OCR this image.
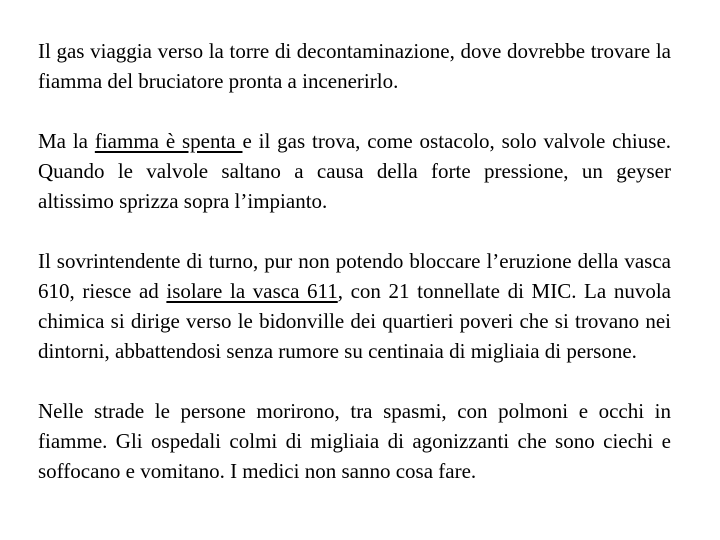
Il gas viaggia verso la torre di decontaminazione, dove dovrebbe trovare la fiamma del bruciatore pronta a incenerirlo.

Ma la fiamma è spenta e il gas trova, come ostacolo, solo valvole chiuse. Quando le valvole saltano a causa della forte pressione, un geyser altissimo sprizza sopra l’impianto.

Il sovrintendente di turno, pur non potendo bloccare l’eruzione della vasca 610, riesce ad isolare la vasca 611, con 21 tonnellate di MIC. La nuvola chimica si dirige verso le bidonville dei quartieri poveri che si trovano nei dintorni, abbattendosi senza rumore su centinaia di migliaia di persone.

Nelle strade le persone morirono, tra spasmi, con polmoni e occhi in fiamme. Gli ospedali colmi di migliaia di agonizzanti che sono ciechi e soffocano e vomitano. I medici non sanno cosa fare.
